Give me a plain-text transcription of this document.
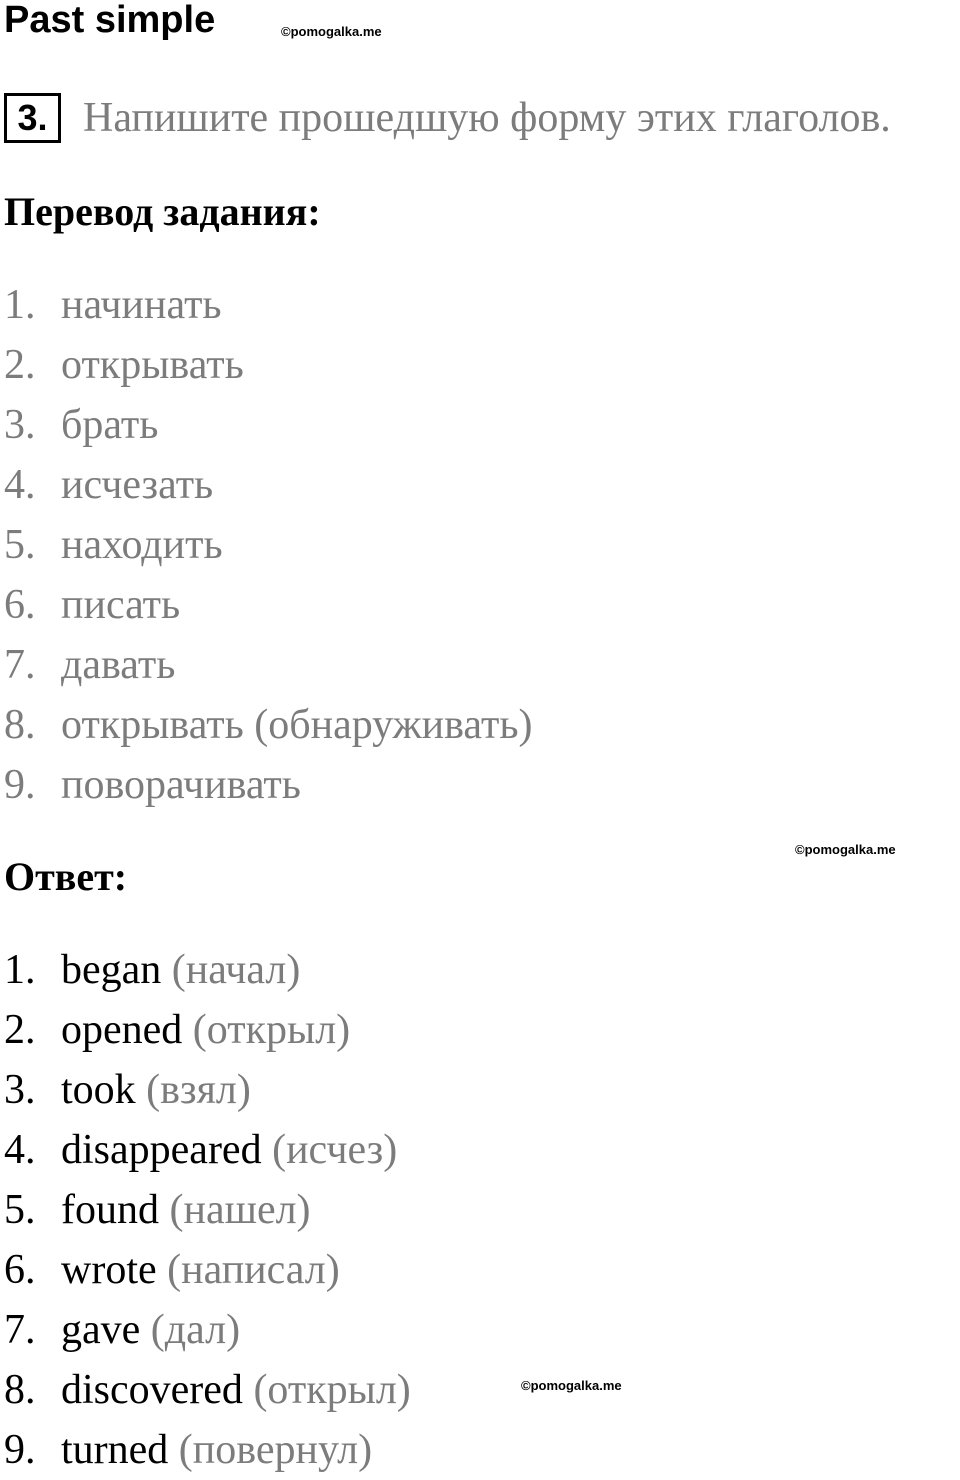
Past simple	©pomogalka.me
3. Напишите прошедшую форму этих глаголов.
Перевод задания:
1. начинать
2. открывать
3. брать
4. исчезать
5. находить
6. писать
7. давать
8. открывать (обнаруживать)
9. поворачивать
©pomogalka.me
Ответ:
1. began (начал)
2. opened (открыл)
3. took (взял)
4. disappeared (исчез)
5. found (нашел)
6. wrote (написал)
7. gave (дал)
8. discovered (открыл)
9. turned (повернул)
©pomogalka.me
